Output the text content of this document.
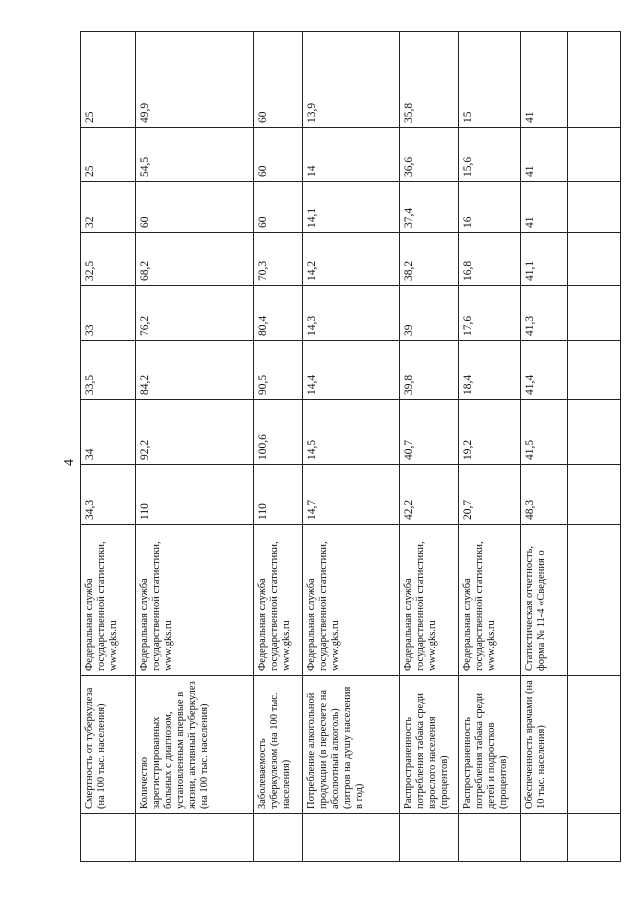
4
	Смертность от туберкулеза (на 100 тыс. населения)	Федеральная служба государственной статистики, www.gks.ru	34,3	34	33,5	33	32,5	32	25	25
	Количество зарегистрированных больных с диагнозом, установленным впервые в жизни, активный туберкулез (на 100 тыс. населения)	Федеральная служба государственной статистики, www.gks.ru	110	92,2	84,2	76,2	68,2	60	54,5	49,9
	Заболеваемость туберкулезом (на 100 тыс. населения)	Федеральная служба государственной статистики, www.gks.ru	110	100,6	90,5	80,4	70,3	60	60	60
	Потребление алкогольной продукции (в пересчете на абсолютный алкоголь) (литров на душу населения в год)	Федеральная служба государственной статистики, www.gks.ru	14,7	14,5	14,4	14,3	14,2	14,1	14	13,9
	Распространенность потребления табака среди взрослого населения (процентов)	Федеральная служба государственной статистики, www.gks.ru	42,2	40,7	39,8	39	38,2	37,4	36,6	35,8
	Распространенность потребления табака среди детей и подростков (процентов)	Федеральная служба государственной статистики, www.gks.ru	20,7	19,2	18,4	17,6	16,8	16	15,6	15
	Обеспеченность врачами (на 10 тыс. населения)	Статистическая отчетность, форма № 11-4 «Сведения о	48,3	41,5	41,4	41,3	41,1	41	41	41
